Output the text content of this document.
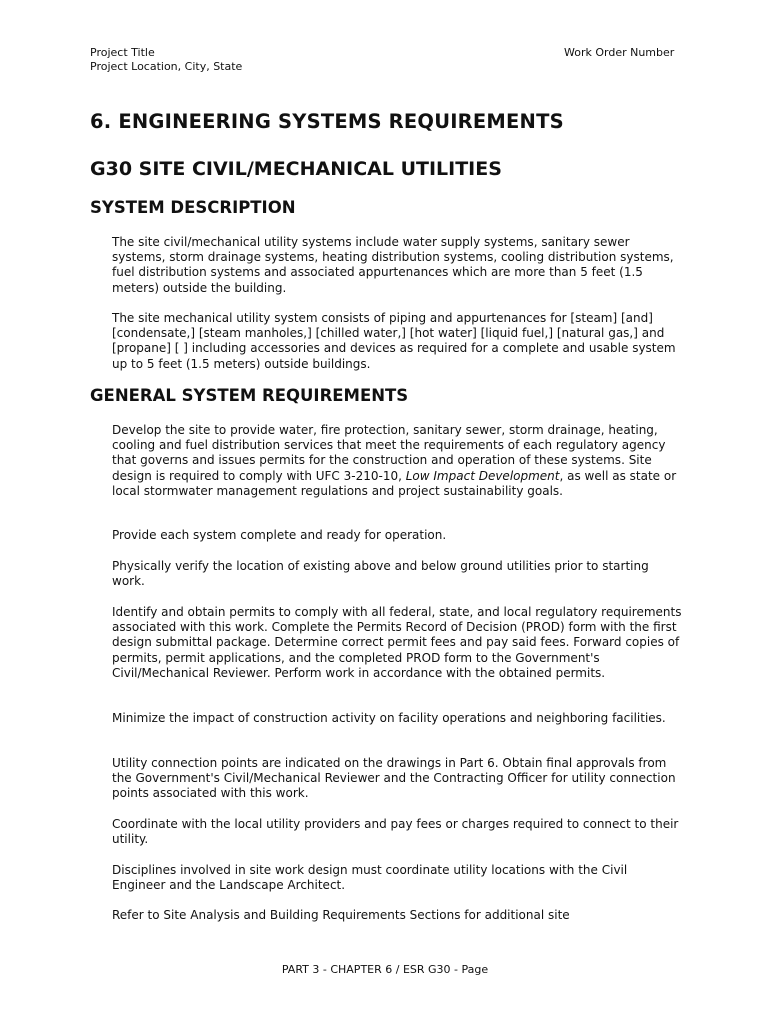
Project Title
Project Location, City, State
Work Order Number
6. ENGINEERING SYSTEMS REQUIREMENTS
G30 SITE CIVIL/MECHANICAL UTILITIES
SYSTEM DESCRIPTION

The site civil/mechanical utility systems include water supply systems, sanitary sewer systems, storm drainage systems, heating distribution systems, cooling distribution systems, fuel distribution systems and associated appurtenances which are more than 5 feet (1.5 meters) outside the building.

The site mechanical utility system consists of piping and appurtenances for [steam] [and] [condensate,] [steam manholes,] [chilled water,] [hot water] [liquid fuel,] [natural gas,] and [propane] [ ] including accessories and devices as required for a complete and usable system up to 5 feet (1.5 meters) outside buildings.

GENERAL SYSTEM REQUIREMENTS

Develop the site to provide water, fire protection, sanitary sewer, storm drainage, heating, cooling and fuel distribution services that meet the requirements of each regulatory agency that governs and issues permits for the construction and operation of these systems. Site design is required to comply with UFC 3-210-10, Low Impact Development, as well as state or local stormwater management regulations and project sustainability goals.

Provide each system complete and ready for operation.

Physically verify the location of existing above and below ground utilities prior to starting work.

Identify and obtain permits to comply with all federal, state, and local regulatory requirements associated with this work. Complete the Permits Record of Decision (PROD) form with the first design submittal package. Determine correct permit fees and pay said fees. Forward copies of permits, permit applications, and the completed PROD form to the Government's Civil/Mechanical Reviewer. Perform work in accordance with the obtained permits.

Minimize the impact of construction activity on facility operations and neighboring facilities.

Utility connection points are indicated on the drawings in Part 6. Obtain final approvals from the Government's Civil/Mechanical Reviewer and the Contracting Officer for utility connection points associated with this work.

Coordinate with the local utility providers and pay fees or charges required to connect to their utility.

Disciplines involved in site work design must coordinate utility locations with the Civil Engineer and the Landscape Architect.

Refer to Site Analysis and Building Requirements Sections for additional site

PART 3 - CHAPTER 6 / ESR G30 - Page
